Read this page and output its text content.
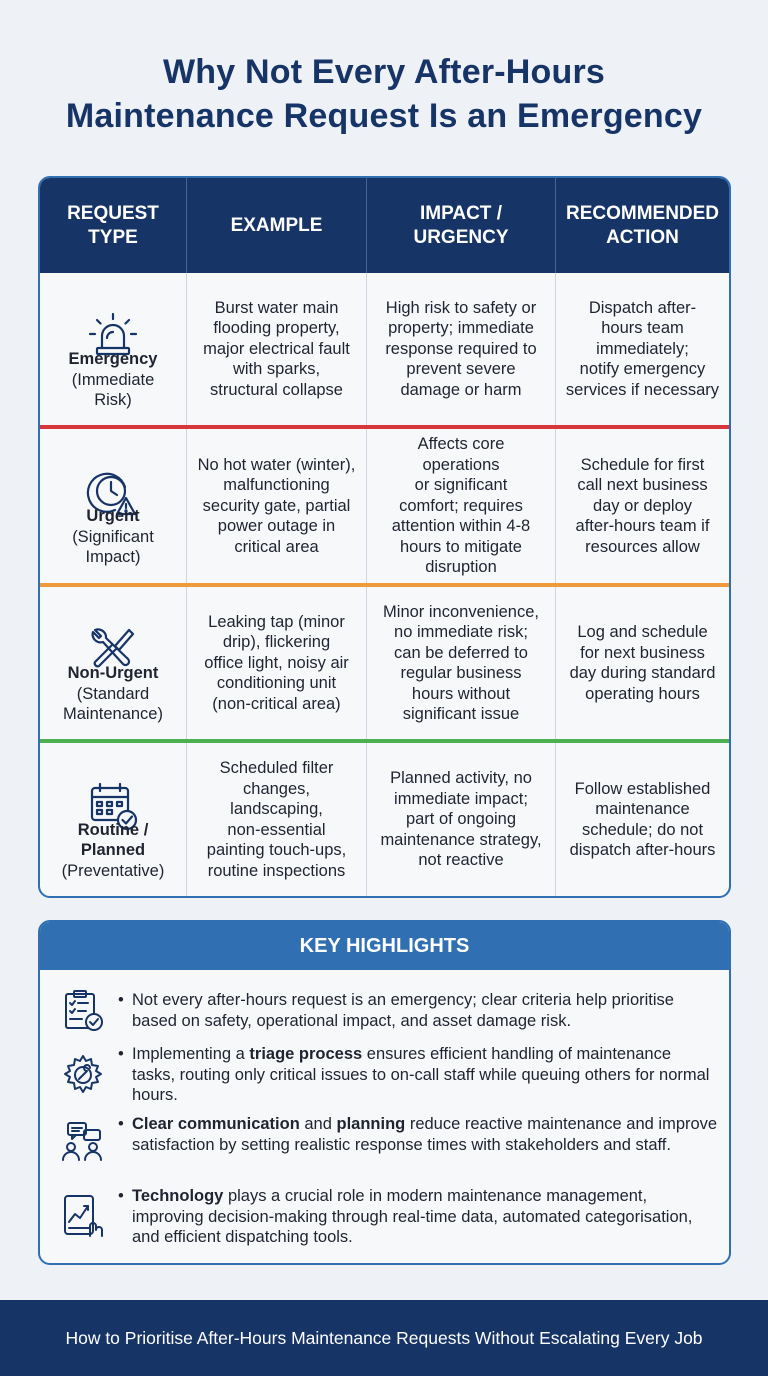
Why Not Every After-Hours
Maintenance Request Is an Emergency
REQUEST
TYPE
EXAMPLE
IMPACT /
URGENCY
RECOMMENDED
ACTION

Emergency
(Immediate
Risk)
Burst water main
flooding property,
major electrical fault
with sparks,
structural collapse
High risk to safety or
property; immediate
response required to
prevent severe
damage or harm
Dispatch after-
hours team
immediately;
notify emergency
services if necessary

Urgent
(Significant
Impact)
No hot water (winter),
malfunctioning
security gate, partial
power outage in
critical area
Affects core
operations
or significant
comfort; requires
attention within 4-8
hours to mitigate
disruption
Schedule for first
call next business
day or deploy
after-hours team if
resources allow

Non-Urgent
(Standard
Maintenance)
Leaking tap (minor
drip), flickering
office light, noisy air
conditioning unit
(non-critical area)
Minor inconvenience,
no immediate risk;
can be deferred to
regular business
hours without
significant issue
Log and schedule
for next business
day during standard
operating hours

Routine /
Planned
(Preventative)
Scheduled filter
changes,
landscaping,
non-essential
painting touch-ups,
routine inspections
Planned activity, no
immediate impact;
part of ongoing
maintenance strategy,
not reactive
Follow established
maintenance
schedule; do not
dispatch after-hours
KEY HIGHLIGHTS
• Not every after-hours request is an emergency; clear criteria help prioritise based on safety, operational impact, and asset damage risk.
• Implementing a triage process ensures efficient handling of maintenance tasks, routing only critical issues to on-call staff while queuing others for normal hours.
• Clear communication and planning reduce reactive maintenance and improve satisfaction by setting realistic response times with stakeholders and staff.
• Technology plays a crucial role in modern maintenance management, improving decision-making through real-time data, automated categorisation, and efficient dispatching tools.
How to Prioritise After-Hours Maintenance Requests Without Escalating Every Job
